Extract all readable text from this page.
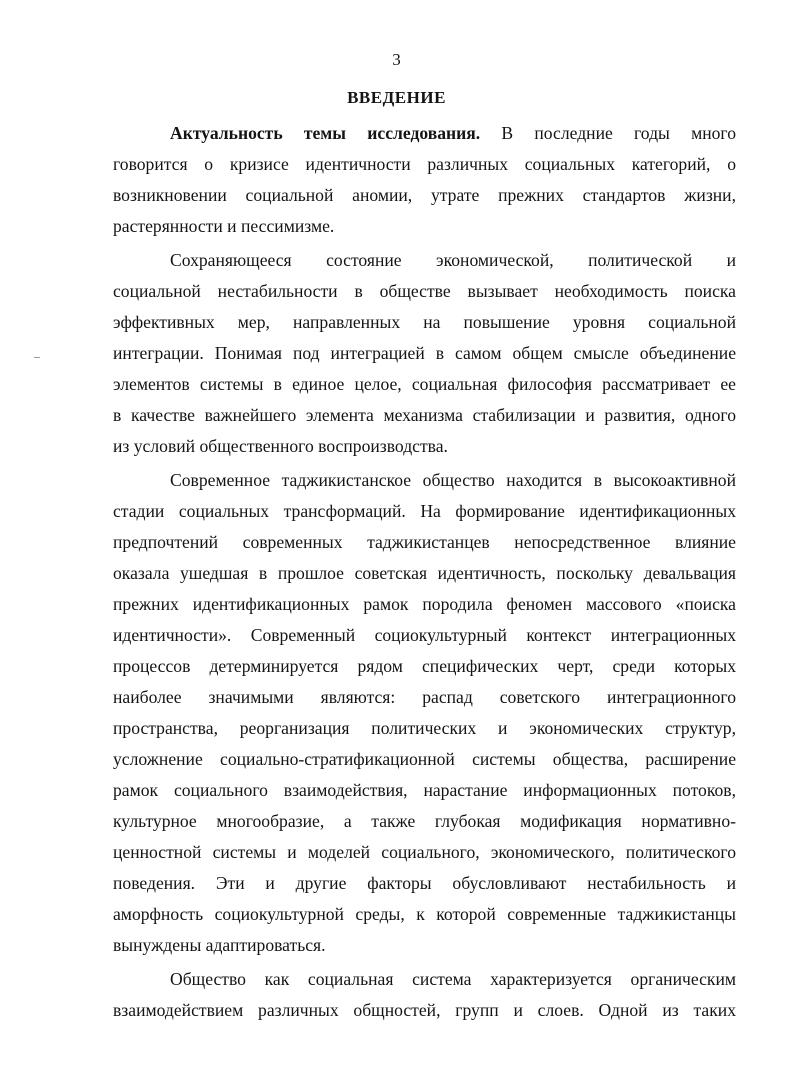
3
ВВЕДЕНИЕ
Актуальность темы исследования. В последние годы много
говорится о кризисе идентичности различных социальных категорий, о
возникновении социальной аномии, утрате прежних стандартов жизни,
растерянности и пессимизме.
Сохраняющееся состояние экономической, политической и
социальной нестабильности в обществе вызывает необходимость поиска
эффективных мер, направленных на повышение уровня социальной
интеграции. Понимая под интеграцией в самом общем смысле объединение
элементов системы в единое целое, социальная философия рассматривает ее
в качестве важнейшего элемента механизма стабилизации и развития, одного
из условий общественного воспроизводства.
Современное таджикистанское общество находится в высокоактивной
стадии социальных трансформаций. На формирование идентификационных
предпочтений современных таджикистанцев непосредственное влияние
оказала ушедшая в прошлое советская идентичность, поскольку девальвация
прежних идентификационных рамок породила феномен массового «поиска
идентичности». Современный социокультурный контекст интеграционных
процессов детерминируется рядом специфических черт, среди которых
наиболее значимыми являются: распад советского интеграционного
пространства, реорганизация политических и экономических структур,
усложнение социально-стратификационной системы общества, расширение
рамок социального взаимодействия, нарастание информационных потоков,
культурное многообразие, а также глубокая модификация нормативно-
ценностной системы и моделей социального, экономического, политического
поведения. Эти и другие факторы обусловливают нестабильность и
аморфность социокультурной среды, к которой современные таджикистанцы
вынуждены адаптироваться.
Общество как социальная система характеризуется органическим
взаимодействием различных общностей, групп и слоев. Одной из таких
